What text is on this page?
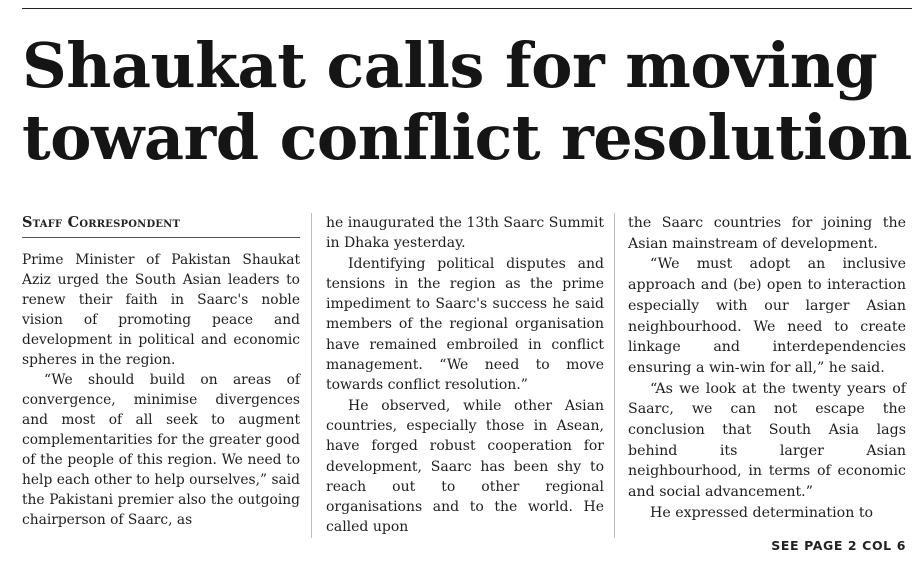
Shaukat calls for moving
toward conflict resolution
Staff Correspondent

Prime Minister of Pakistan Shaukat Aziz urged the South Asian leaders to renew their faith in Saarc's noble vision of promoting peace and development in political and economic spheres in the region.

“We should build on areas of convergence, minimise divergences and most of all seek to augment complementarities for the greater good of the people of this region. We need to help each other to help ourselves,” said the Pakistani premier also the outgoing chairperson of Saarc, as

he inaugurated the 13th Saarc Summit in Dhaka yesterday.

Identifying political disputes and tensions in the region as the prime impediment to Saarc's success he said members of the regional organisation have remained embroiled in conflict management. “We need to move towards conflict resolution.”

He observed, while other Asian countries, especially those in Asean, have forged robust cooperation for development, Saarc has been shy to reach out to other regional organisations and to the world. He called upon

the Saarc countries for joining the Asian mainstream of development.

“We must adopt an inclusive approach and (be) open to interaction especially with our larger Asian neighbourhood. We need to create linkage and interdependencies ensuring a win-win for all,” he said.

“As we look at the twenty years of Saarc, we can not escape the conclusion that South Asia lags behind its larger Asian neighbourhood, in terms of economic and social advancement.”

He expressed determination to

SEE PAGE 2 COL 6
